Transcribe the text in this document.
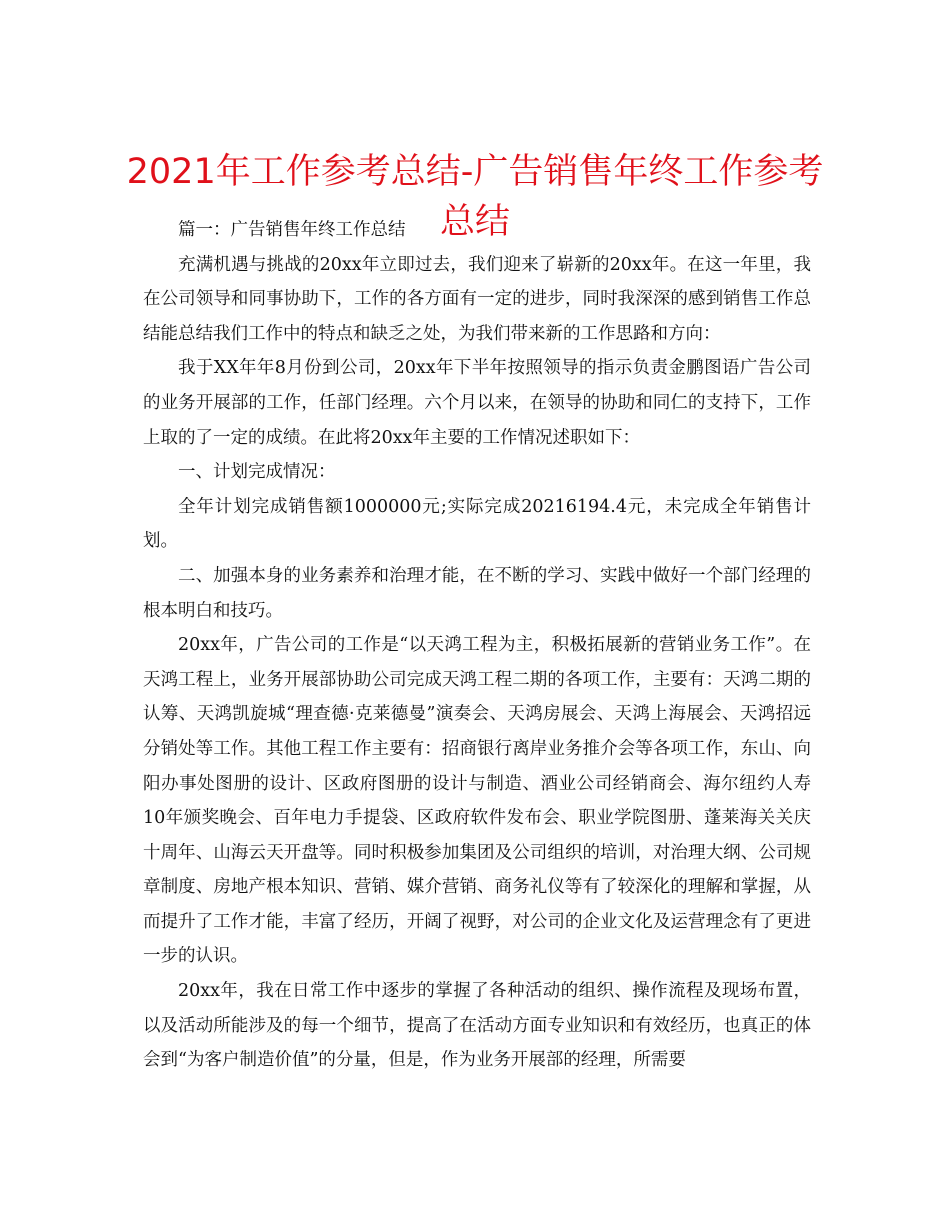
2021年工作参考总结-广告销售年终工作参考总结

篇一：广告销售年终工作总结

充满机遇与挑战的20xx年立即过去，我们迎来了崭新的20xx年。在这一年里，我在公司领导和同事协助下，工作的各方面有一定的进步，同时我深深的感到销售工作总结能总结我们工作中的特点和缺乏之处，为我们带来新的工作思路和方向：

我于XX年年8月份到公司，20xx年下半年按照领导的指示负责金鹏图语广告公司的业务开展部的工作，任部门经理。六个月以来，在领导的协助和同仁的支持下，工作上取的了一定的成绩。在此将20xx年主要的工作情况述职如下：

一、计划完成情况：

全年计划完成销售额1000000元;实际完成20216194.4元，未完成全年销售计划。

二、加强本身的业务素养和治理才能，在不断的学习、实践中做好一个部门经理的根本明白和技巧。

20xx年，广告公司的工作是“以天鸿工程为主，积极拓展新的营销业务工作”。在天鸿工程上，业务开展部协助公司完成天鸿工程二期的各项工作，主要有：天鸿二期的认筹、天鸿凯旋城“理查德·克莱德曼”演奏会、天鸿房展会、天鸿上海展会、天鸿招远分销处等工作。其他工程工作主要有：招商银行离岸业务推介会等各项工作，东山、向阳办事处图册的设计、区政府图册的设计与制造、酒业公司经销商会、海尔纽约人寿10年颁奖晚会、百年电力手提袋、区政府软件发布会、职业学院图册、蓬莱海关关庆十周年、山海云天开盘等。同时积极参加集团及公司组织的培训，对治理大纲、公司规章制度、房地产根本知识、营销、媒介营销、商务礼仪等有了较深化的理解和掌握，从而提升了工作才能，丰富了经历，开阔了视野，对公司的企业文化及运营理念有了更进一步的认识。

20xx年，我在日常工作中逐步的掌握了各种活动的组织、操作流程及现场布置，以及活动所能涉及的每一个细节，提高了在活动方面专业知识和有效经历，也真正的体会到“为客户制造价值”的分量，但是，作为业务开展部的经理，所需要
